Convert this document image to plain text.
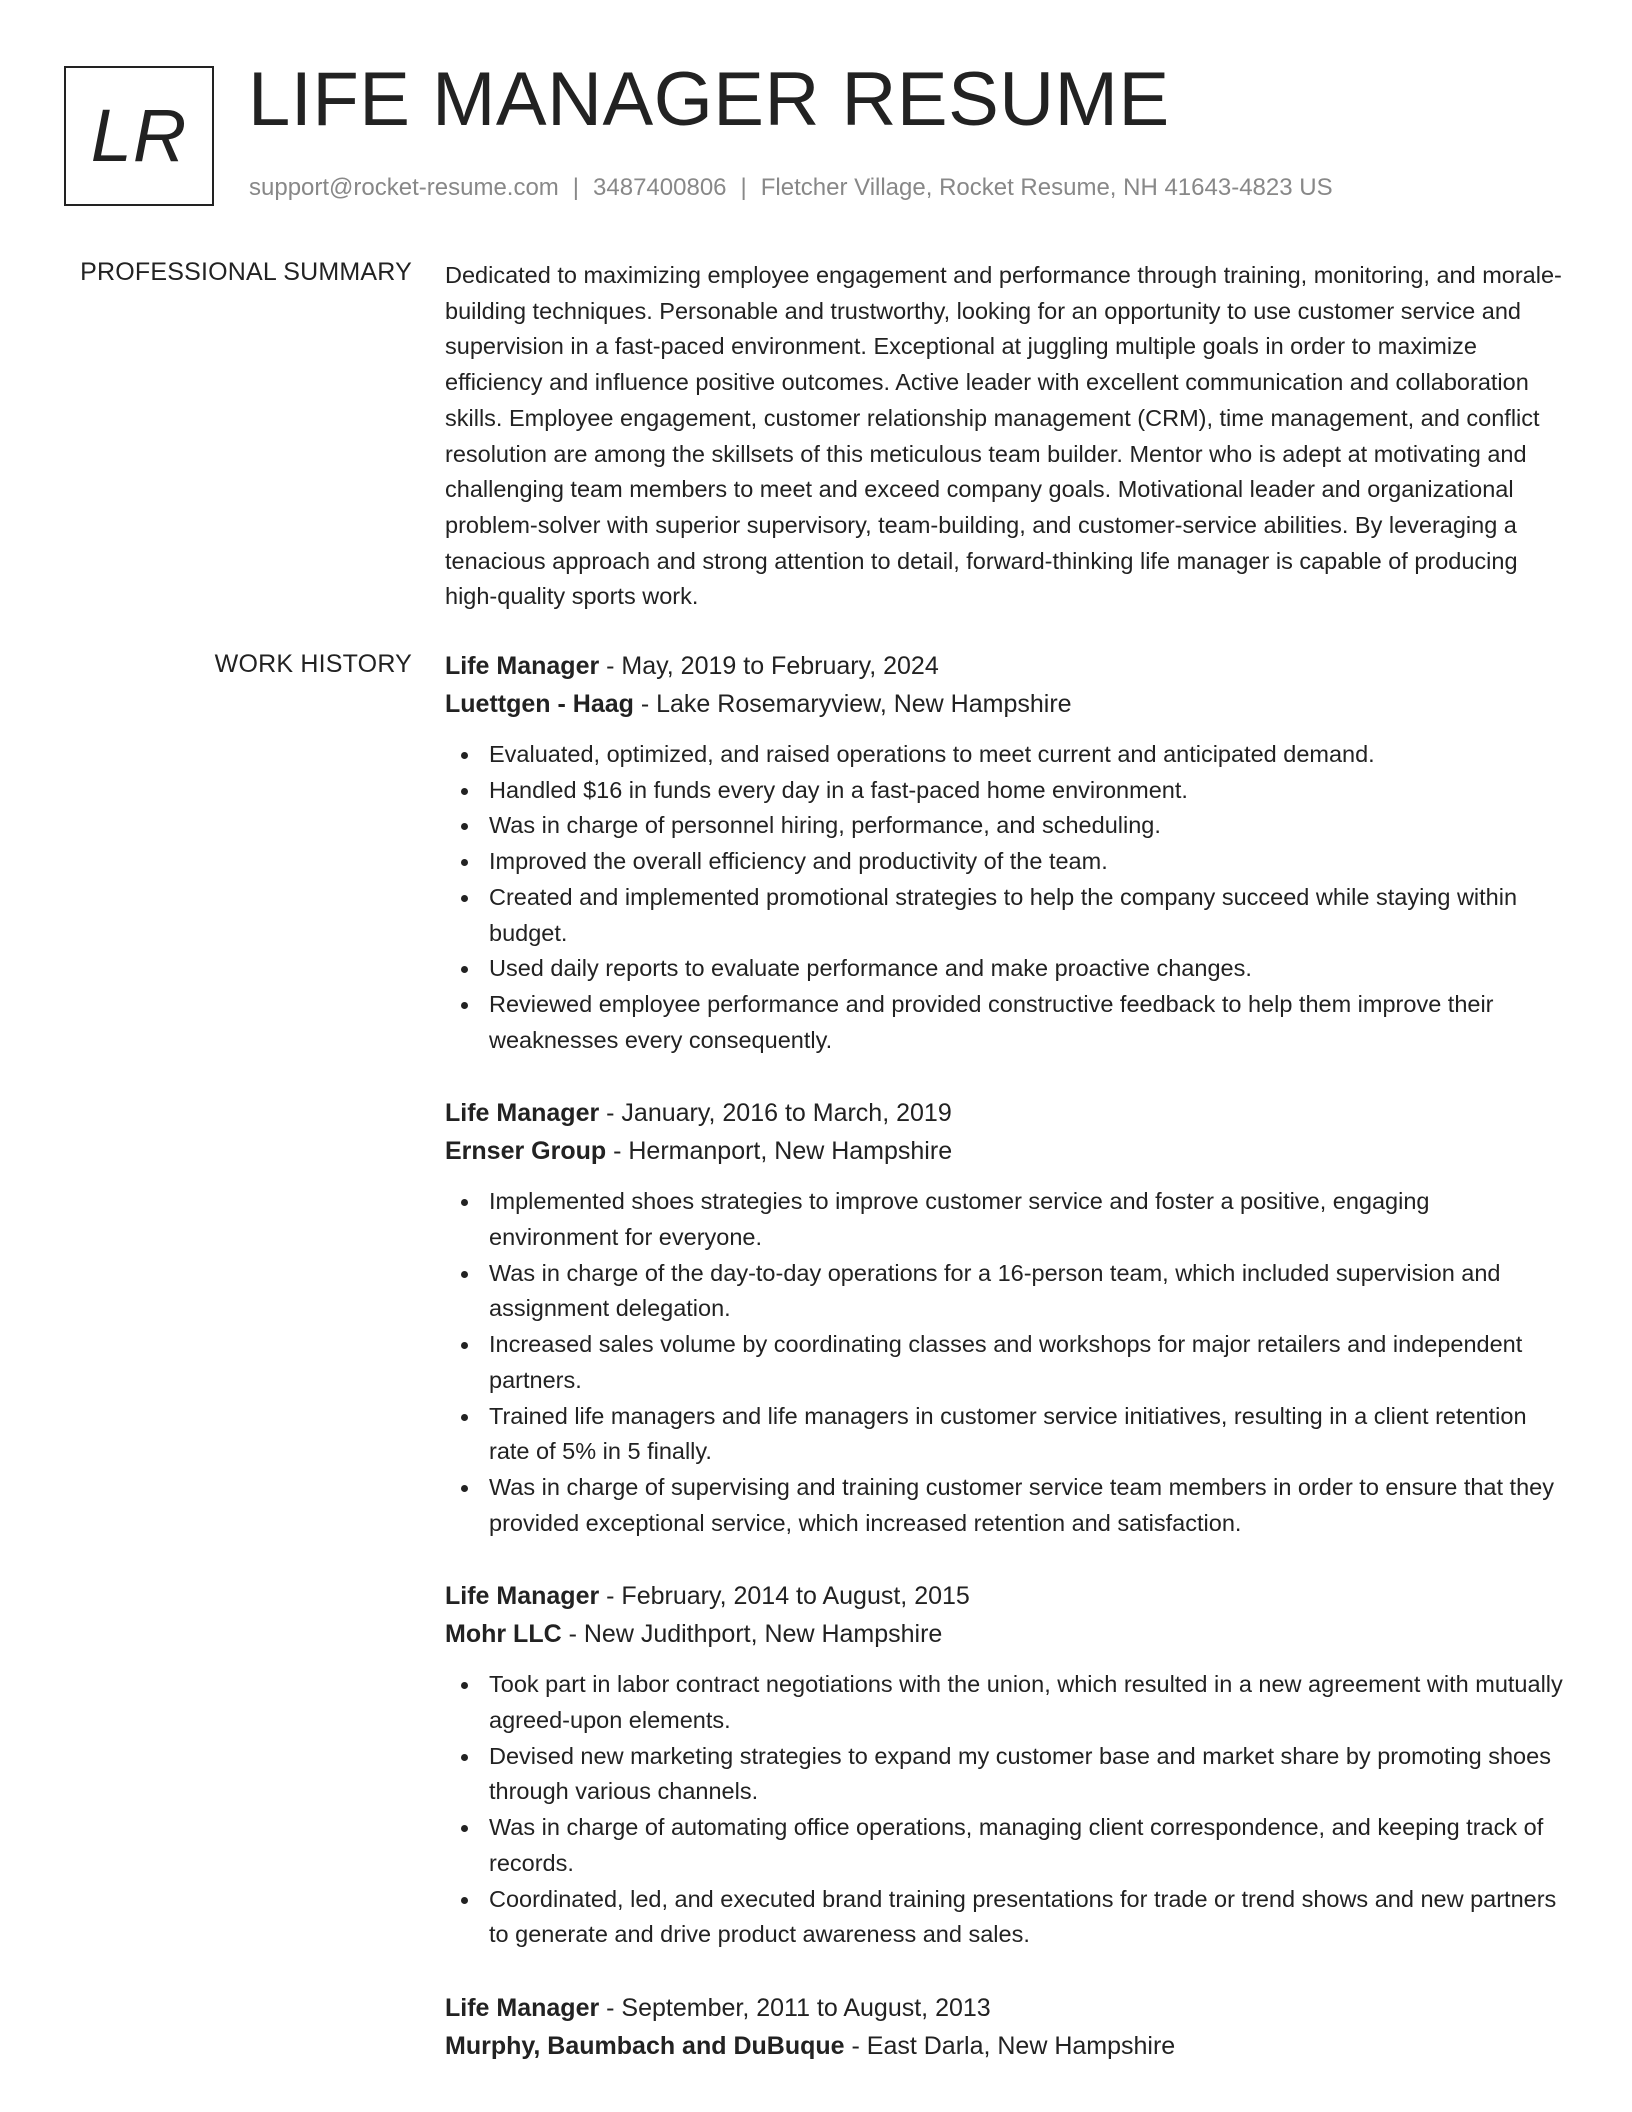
LR LIFE MANAGER RESUME
support@rocket-resume.com | 3487400806 | Fletcher Village, Rocket Resume, NH 41643-4823 US
PROFESSIONAL SUMMARY Dedicated to maximizing employee engagement and performance through training, monitoring, and morale-building techniques. Personable and trustworthy, looking for an opportunity to use customer service and supervision in a fast-paced environment. Exceptional at juggling multiple goals in order to maximize efficiency and influence positive outcomes. Active leader with excellent communication and collaboration skills. Employee engagement, customer relationship management (CRM), time management, and conflict resolution are among the skillsets of this meticulous team builder. Mentor who is adept at motivating and challenging team members to meet and exceed company goals. Motivational leader and organizational problem-solver with superior supervisory, team-building, and customer-service abilities. By leveraging a tenacious approach and strong attention to detail, forward-thinking life manager is capable of producing high-quality sports work.

WORK HISTORY Life Manager - May, 2019 to February, 2024
Luettgen - Haag - Lake Rosemaryview, New Hampshire
Evaluated, optimized, and raised operations to meet current and anticipated demand.
Handled $16 in funds every day in a fast-paced home environment.
Was in charge of personnel hiring, performance, and scheduling.
Improved the overall efficiency and productivity of the team.
Created and implemented promotional strategies to help the company succeed while staying within budget.
Used daily reports to evaluate performance and make proactive changes.
Reviewed employee performance and provided constructive feedback to help them improve their weaknesses every consequently.
Life Manager - January, 2016 to March, 2019
Ernser Group - Hermanport, New Hampshire
Implemented shoes strategies to improve customer service and foster a positive, engaging environment for everyone.
Was in charge of the day-to-day operations for a 16-person team, which included supervision and assignment delegation.
Increased sales volume by coordinating classes and workshops for major retailers and independent partners.
Trained life managers and life managers in customer service initiatives, resulting in a client retention rate of 5% in 5 finally.
Was in charge of supervising and training customer service team members in order to ensure that they provided exceptional service, which increased retention and satisfaction.
Life Manager - February, 2014 to August, 2015
Mohr LLC - New Judithport, New Hampshire
Took part in labor contract negotiations with the union, which resulted in a new agreement with mutually agreed-upon elements.
Devised new marketing strategies to expand my customer base and market share by promoting shoes through various channels.
Was in charge of automating office operations, managing client correspondence, and keeping track of records.
Coordinated, led, and executed brand training presentations for trade or trend shows and new partners to generate and drive product awareness and sales.
Life Manager - September, 2011 to August, 2013
Murphy, Baumbach and DuBuque - East Darla, New Hampshire
